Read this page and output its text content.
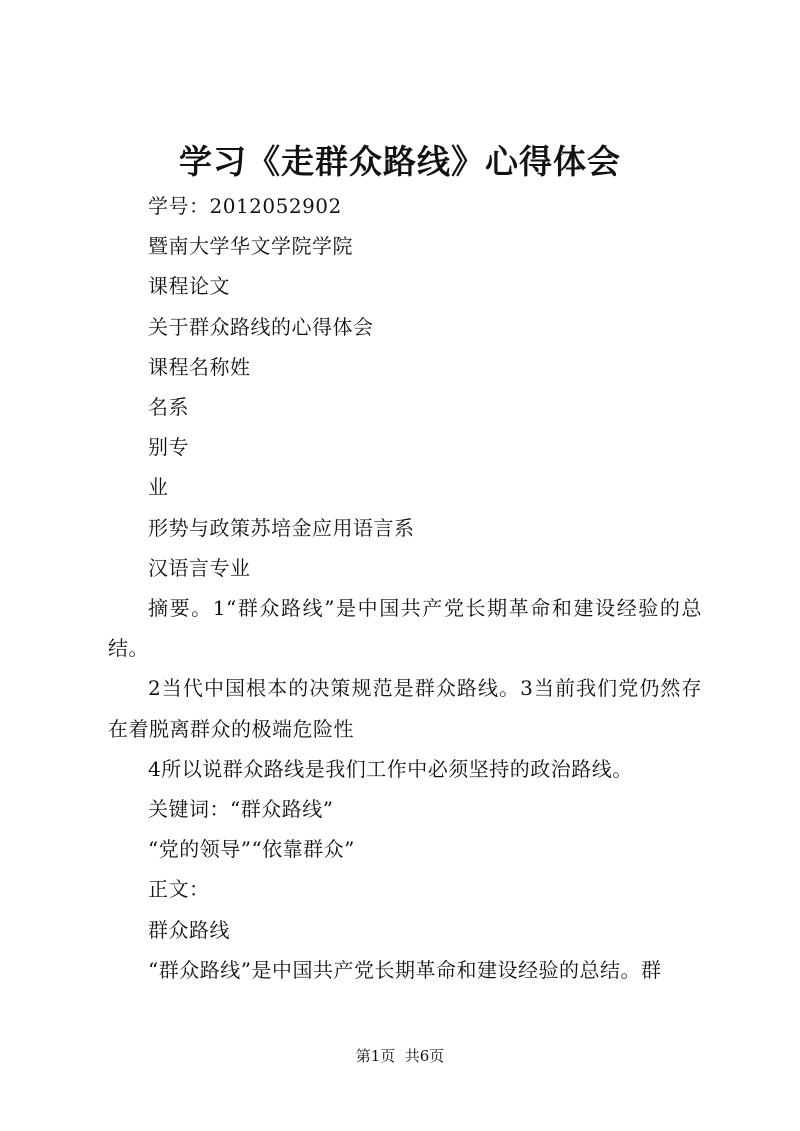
学习《走群众路线》心得体会

学号：2012052902

暨南大学华文学院学院

课程论文

关于群众路线的心得体会

课程名称姓

名系

别专

业

形势与政策苏培金应用语言系

汉语言专业

摘要。1“群众路线”是中国共产党长期革命和建设经验的总结。

2当代中国根本的决策规范是群众路线。3当前我们党仍然存在着脱离群众的极端危险性

4所以说群众路线是我们工作中必须坚持的政治路线。

关键词：“群众路线”

“党的领导”“依靠群众”

正文：

群众路线

“群众路线”是中国共产党长期革命和建设经验的总结。群

第1页  共6页
